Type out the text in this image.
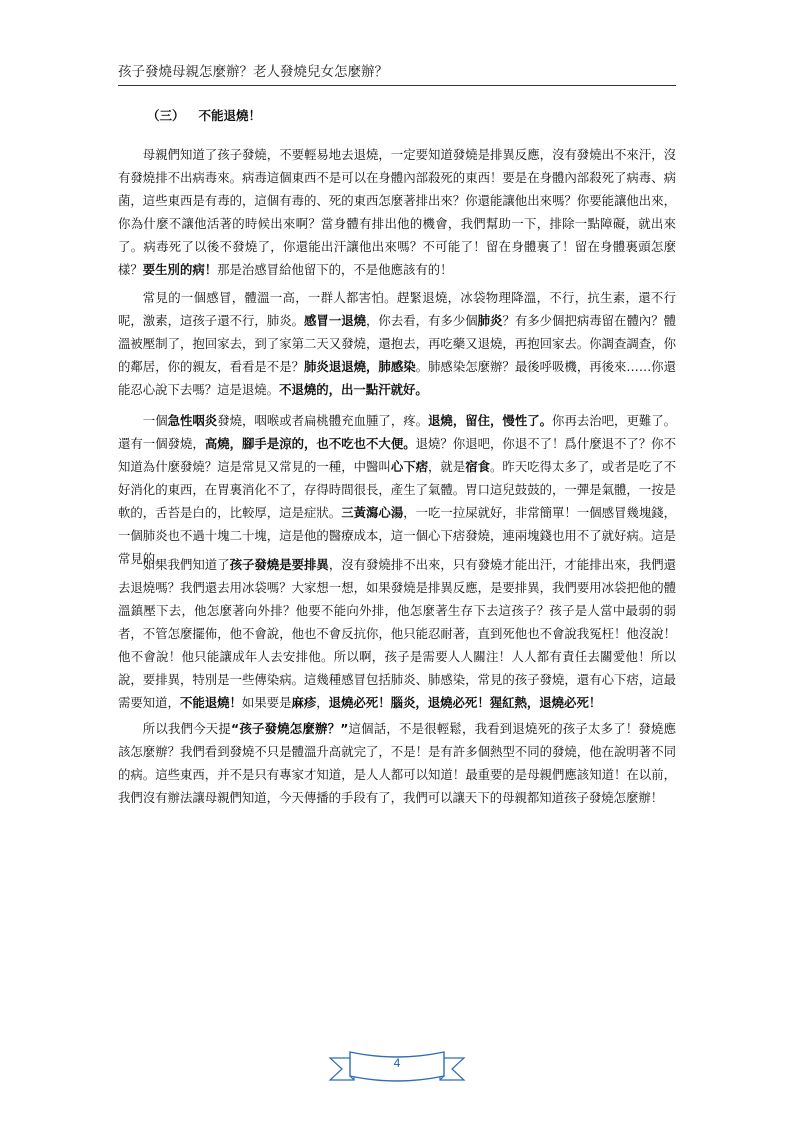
孩子發燒母親怎麼辦？老人發燒兒女怎麼辦？
（三） 不能退燒！

母親們知道了孩子發燒，不要輕易地去退燒，一定要知道發燒是排異反應，沒有發燒出不來汗，沒有發燒排不出病毒來。病毒這個東西不是可以在身體內部殺死的東西！要是在身體內部殺死了病毒、病菌，這些東西是有毒的，這個有毒的、死的東西怎麼著排出來？你還能讓他出來嗎？你要能讓他出來，你為什麼不讓他活著的時候出來啊？當身體有排出他的機會，我們幫助一下，排除一點障礙，就出來了。病毒死了以後不發燒了，你還能出汗讓他出來嗎？不可能了！留在身體裏了！留在身體裏頭怎麼樣？要生別的病！那是治感冒給他留下的，不是他應該有的！

常見的一個感冒，體溫一高，一群人都害怕。趕緊退燒，冰袋物理降溫，不行，抗生素，還不行呢，激素，這孩子還不行，肺炎。感冒一退燒，你去看，有多少個肺炎？有多少個把病毒留在體內？體溫被壓制了，抱回家去，到了家第二天又發燒，還抱去，再吃藥又退燒，再抱回家去。你調查調查，你的鄰居，你的親友，看看是不是？肺炎退退燒，肺感染。肺感染怎麼辦？最後呼吸機，再後來……你還能忍心說下去嗎？這是退燒。不退燒的，出一點汗就好。

一個急性咽炎發燒，咽喉或者扁桃體充血腫了，疼。退燒，留住，慢性了。你再去治吧，更難了。還有一個發燒，高燒，腳手是涼的，也不吃也不大便。退燒？你退吧，你退不了！爲什麼退不了？你不知道為什麼發燒？這是常見又常見的一種，中醫叫心下痞，就是宿食。昨天吃得太多了，或者是吃了不好消化的東西，在胃裏消化不了，存得時間很長，產生了氣體。胃口這兒鼓鼓的，一彈是氣體，一按是軟的，舌苔是白的，比較厚，這是症狀。三黃瀉心湯，一吃一拉屎就好，非常簡單！一個感冒幾塊錢，一個肺炎也不過十塊二十塊，這是他的醫療成本，這一個心下痞發燒，連兩塊錢也用不了就好病。這是常見的。

如果我們知道了孩子發燒是要排異，沒有發燒排不出來，只有發燒才能出汗，才能排出來，我們還去退燒嗎？我們還去用冰袋嗎？大家想一想，如果發燒是排異反應，是要排異，我們要用冰袋把他的體溫鎮壓下去，他怎麼著向外排？他要不能向外排，他怎麼著生存下去這孩子？孩子是人當中最弱的弱者，不管怎麼擺佈，他不會說，他也不會反抗你，他只能忍耐著，直到死他也不會說我冤枉！他沒說！他不會說！他只能讓成年人去安排他。所以啊，孩子是需要人人關注！人人都有責任去關愛他！所以說，要排異，特別是一些傳染病。這幾種感冒包括肺炎、肺感染，常見的孩子發燒，還有心下痞，這最需要知道，不能退燒！如果要是麻疹，退燒必死！腦炎，退燒必死！猩紅熱，退燒必死！

所以我們今天提“孩子發燒怎麼辦？”這個話，不是很輕鬆，我看到退燒死的孩子太多了！發燒應該怎麼辦？我們看到發燒不只是體溫升高就完了，不是！是有許多個熱型不同的發燒，他在說明著不同的病。這些東西，并不是只有專家才知道，是人人都可以知道！最重要的是母親們應該知道！在以前，我們沒有辦法讓母親們知道，今天傳播的手段有了，我們可以讓天下的母親都知道孩子發燒怎麼辦！

4
